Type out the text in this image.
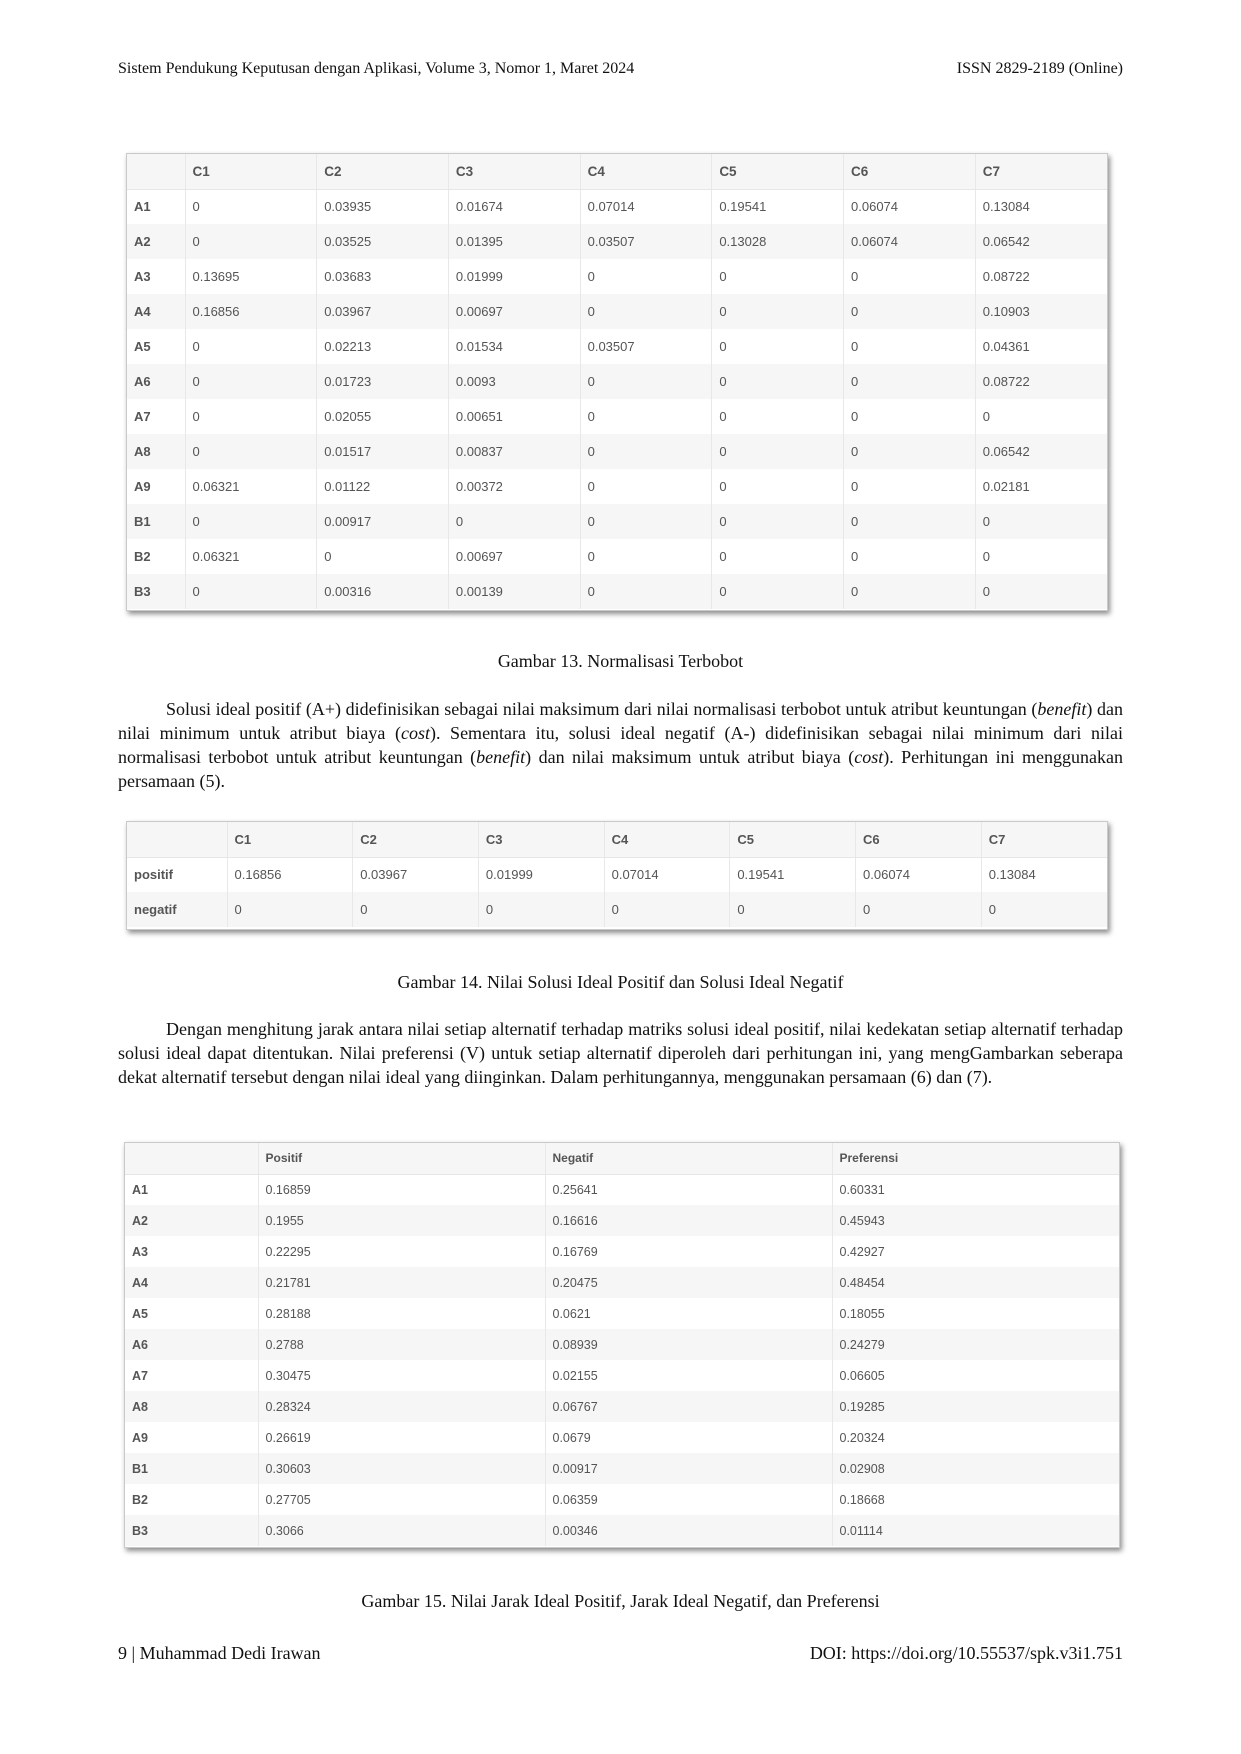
Sistem Pendukung Keputusan dengan Aplikasi, Volume 3, Nomor 1, Maret 2024	ISSN 2829-2189 (Online)
	C1	C2	C3	C4	C5	C6	C7
A1	0	0.03935	0.01674	0.07014	0.19541	0.06074	0.13084
A2	0	0.03525	0.01395	0.03507	0.13028	0.06074	0.06542
A3	0.13695	0.03683	0.01999	0	0	0	0.08722
A4	0.16856	0.03967	0.00697	0	0	0	0.10903
A5	0	0.02213	0.01534	0.03507	0	0	0.04361
A6	0	0.01723	0.0093	0	0	0	0.08722
A7	0	0.02055	0.00651	0	0	0	0
A8	0	0.01517	0.00837	0	0	0	0.06542
A9	0.06321	0.01122	0.00372	0	0	0	0.02181
B1	0	0.00917	0	0	0	0	0
B2	0.06321	0	0.00697	0	0	0	0
B3	0	0.00316	0.00139	0	0	0	0
Gambar 13. Normalisasi Terbobot

Solusi ideal positif (A+) didefinisikan sebagai nilai maksimum dari nilai normalisasi terbobot untuk atribut keuntungan (benefit) dan nilai minimum untuk atribut biaya (cost). Sementara itu, solusi ideal negatif (A-) didefinisikan sebagai nilai minimum dari nilai normalisasi terbobot untuk atribut keuntungan (benefit) dan nilai maksimum untuk atribut biaya (cost). Perhitungan ini menggunakan persamaan (5).

	C1	C2	C3	C4	C5	C6	C7
positif	0.16856	0.03967	0.01999	0.07014	0.19541	0.06074	0.13084
negatif	0	0	0	0	0	0	0
Gambar 14. Nilai Solusi Ideal Positif dan Solusi Ideal Negatif

Dengan menghitung jarak antara nilai setiap alternatif terhadap matriks solusi ideal positif, nilai kedekatan setiap alternatif terhadap solusi ideal dapat ditentukan. Nilai preferensi (V) untuk setiap alternatif diperoleh dari perhitungan ini, yang mengGambarkan seberapa dekat alternatif tersebut dengan nilai ideal yang diinginkan. Dalam perhitungannya, menggunakan persamaan (6) dan (7).

	Positif	Negatif	Preferensi
A1	0.16859	0.25641	0.60331
A2	0.1955	0.16616	0.45943
A3	0.22295	0.16769	0.42927
A4	0.21781	0.20475	0.48454
A5	0.28188	0.0621	0.18055
A6	0.2788	0.08939	0.24279
A7	0.30475	0.02155	0.06605
A8	0.28324	0.06767	0.19285
A9	0.26619	0.0679	0.20324
B1	0.30603	0.00917	0.02908
B2	0.27705	0.06359	0.18668
B3	0.3066	0.00346	0.01114
Gambar 15. Nilai Jarak Ideal Positif, Jarak Ideal Negatif, dan Preferensi
9 | Muhammad Dedi Irawan	DOI: https://doi.org/10.55537/spk.v3i1.751
